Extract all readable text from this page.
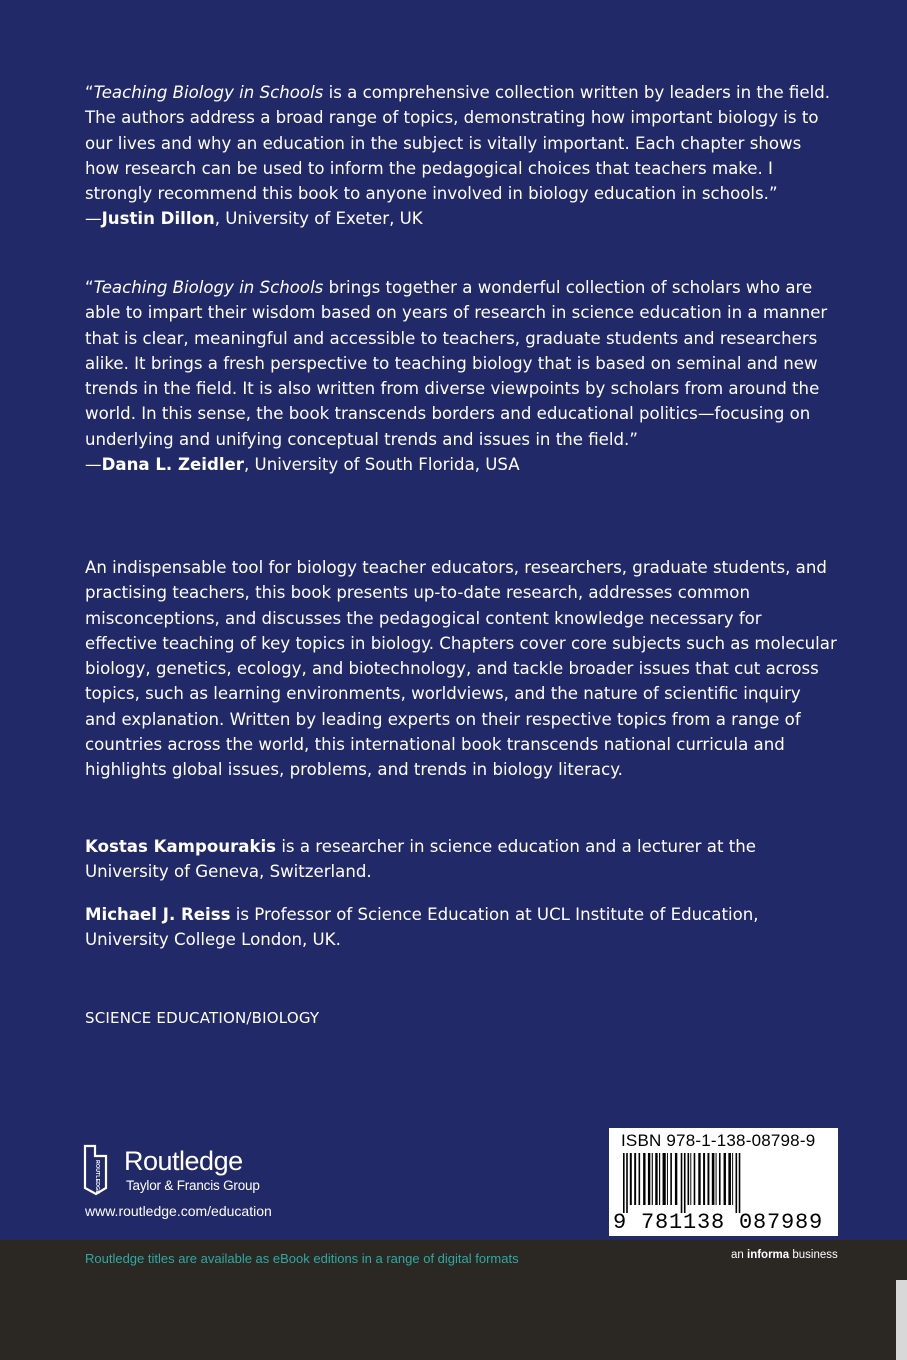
“Teaching Biology in Schools is a comprehensive collection written by leaders in the field. The authors address a broad range of topics, demonstrating how important biology is to our lives and why an education in the subject is vitally important. Each chapter shows how research can be used to inform the pedagogical choices that teachers make. I strongly recommend this book to anyone involved in biology education in schools.”

—Justin Dillon, University of Exeter, UK

“Teaching Biology in Schools brings together a wonderful collection of scholars who are able to impart their wisdom based on years of research in science education in a manner that is clear, meaningful and accessible to teachers, graduate students and researchers alike. It brings a fresh perspective to teaching biology that is based on seminal and new trends in the field. It is also written from diverse viewpoints by scholars from around the world. In this sense, the book transcends borders and educational politics—focusing on underlying and unifying conceptual trends and issues in the field.”

—Dana L. Zeidler, University of South Florida, USA

An indispensable tool for biology teacher educators, researchers, graduate students, and practising teachers, this book presents up-to-date research, addresses common misconceptions, and discusses the pedagogical content knowledge necessary for effective teaching of key topics in biology. Chapters cover core subjects such as molecular biology, genetics, ecology, and biotechnology, and tackle broader issues that cut across topics, such as learning environments, worldviews, and the nature of scientific inquiry and explanation. Written by leading experts on their respective topics from a range of countries across the world, this international book transcends national curricula and highlights global issues, problems, and trends in biology literacy.

Kostas Kampourakis is a researcher in science education and a lecturer at the University of Geneva, Switzerland.

Michael J. Reiss is Professor of Science Education at UCL Institute of Education, University College London, UK.

SCIENCE EDUCATION/BIOLOGY
ROUTLEDGE Routledge
Taylor & Francis Group
www.routledge.com/education
ISBN 978-1-138-08798-9
9 781138 087989
Routledge titles are available as eBook editions in a range of digital formats	an informa business
